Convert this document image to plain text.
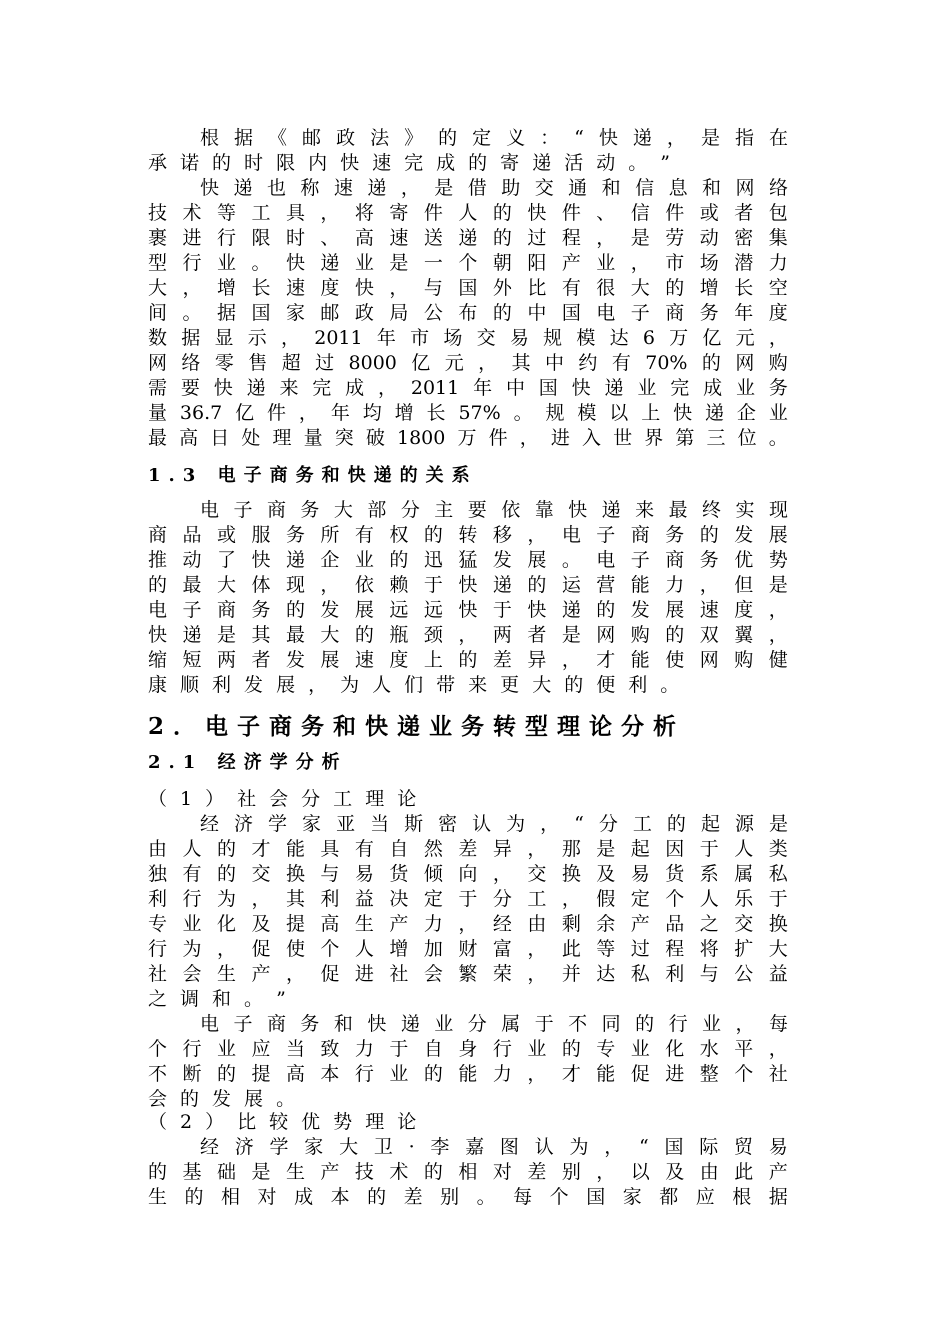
根 据 《 邮 政 法 》 的 定 义 ： “ 快 递 ， 是 指 在
承 诺 的 时 限 内 快 速 完 成 的 寄 递 活 动 。 ”
快 递 也 称 速 递 ， 是 借 助 交 通 和 信 息 和 网 络
技 术 等 工 具 ， 将 寄 件 人 的 快 件 、 信 件 或 者 包
裹 进 行 限 时 、 高 速 送 递 的 过 程 ， 是 劳 动 密 集
型 行 业 。 快 递 业 是 一 个 朝 阳 产 业 ， 市 场 潜 力
大 ， 增 长 速 度 快 ， 与 国 外 比 有 很 大 的 增 长 空
间 。 据 国 家 邮 政 局 公 布 的 中 国 电 子 商 务 年 度
数 据 显 示 ， 2011 年 市 场 交 易 规 模 达 6 万 亿 元 ，
网 络 零 售 超 过 8000 亿 元 ， 其 中 约 有 70% 的 网 购
需 要 快 递 来 完 成 ， 2011 年 中 国 快 递 业 完 成 业 务
量 36.7 亿 件 ， 年 均 增 长 57% 。 规 模 以 上 快 递 企 业
最 高 日 处 理 量 突 破 1800 万 件 ， 进 入 世 界 第 三 位 。
1.3 电子商务和快递的关系
电 子 商 务 大 部 分 主 要 依 靠 快 递 来 最 终 实 现
商 品 或 服 务 所 有 权 的 转 移 ， 电 子 商 务 的 发 展
推 动 了 快 递 企 业 的 迅 猛 发 展 。 电 子 商 务 优 势
的 最 大 体 现 ， 依 赖 于 快 递 的 运 营 能 力 ， 但 是
电 子 商 务 的 发 展 远 远 快 于 快 递 的 发 展 速 度 ，
快 递 是 其 最 大 的 瓶 颈 ， 两 者 是 网 购 的 双 翼 ，
缩 短 两 者 发 展 速 度 上 的 差 异 ， 才 能 使 网 购 健
康 顺 利 发 展 ， 为 人 们 带 来 更 大 的 便 利 。
2．电子商务和快递业务转型理论分析
2.1 经济学分析
（ 1 ） 社 会 分 工 理 论
经 济 学 家 亚 当 斯 密 认 为 ， “ 分 工 的 起 源 是
由 人 的 才 能 具 有 自 然 差 异 ， 那 是 起 因 于 人 类
独 有 的 交 换 与 易 货 倾 向 ， 交 换 及 易 货 系 属 私
利 行 为 ， 其 利 益 决 定 于 分 工 ， 假 定 个 人 乐 于
专 业 化 及 提 高 生 产 力 ， 经 由 剩 余 产 品 之 交 换
行 为 ， 促 使 个 人 增 加 财 富 ， 此 等 过 程 将 扩 大
社 会 生 产 ， 促 进 社 会 繁 荣 ， 并 达 私 利 与 公 益
之 调 和 。 ”
电 子 商 务 和 快 递 业 分 属 于 不 同 的 行 业 ， 每
个 行 业 应 当 致 力 于 自 身 行 业 的 专 业 化 水 平 ，
不 断 的 提 高 本 行 业 的 能 力 ， 才 能 促 进 整 个 社
会 的 发 展 。
（ 2 ） 比 较 优 势 理 论
经 济 学 家 大 卫 · 李 嘉 图 认 为 ， “ 国 际 贸 易
的 基 础 是 生 产 技 术 的 相 对 差 别 ， 以 及 由 此 产
生 的 相 对 成 本 的 差 别 。 每 个 国 家 都 应 根 据
